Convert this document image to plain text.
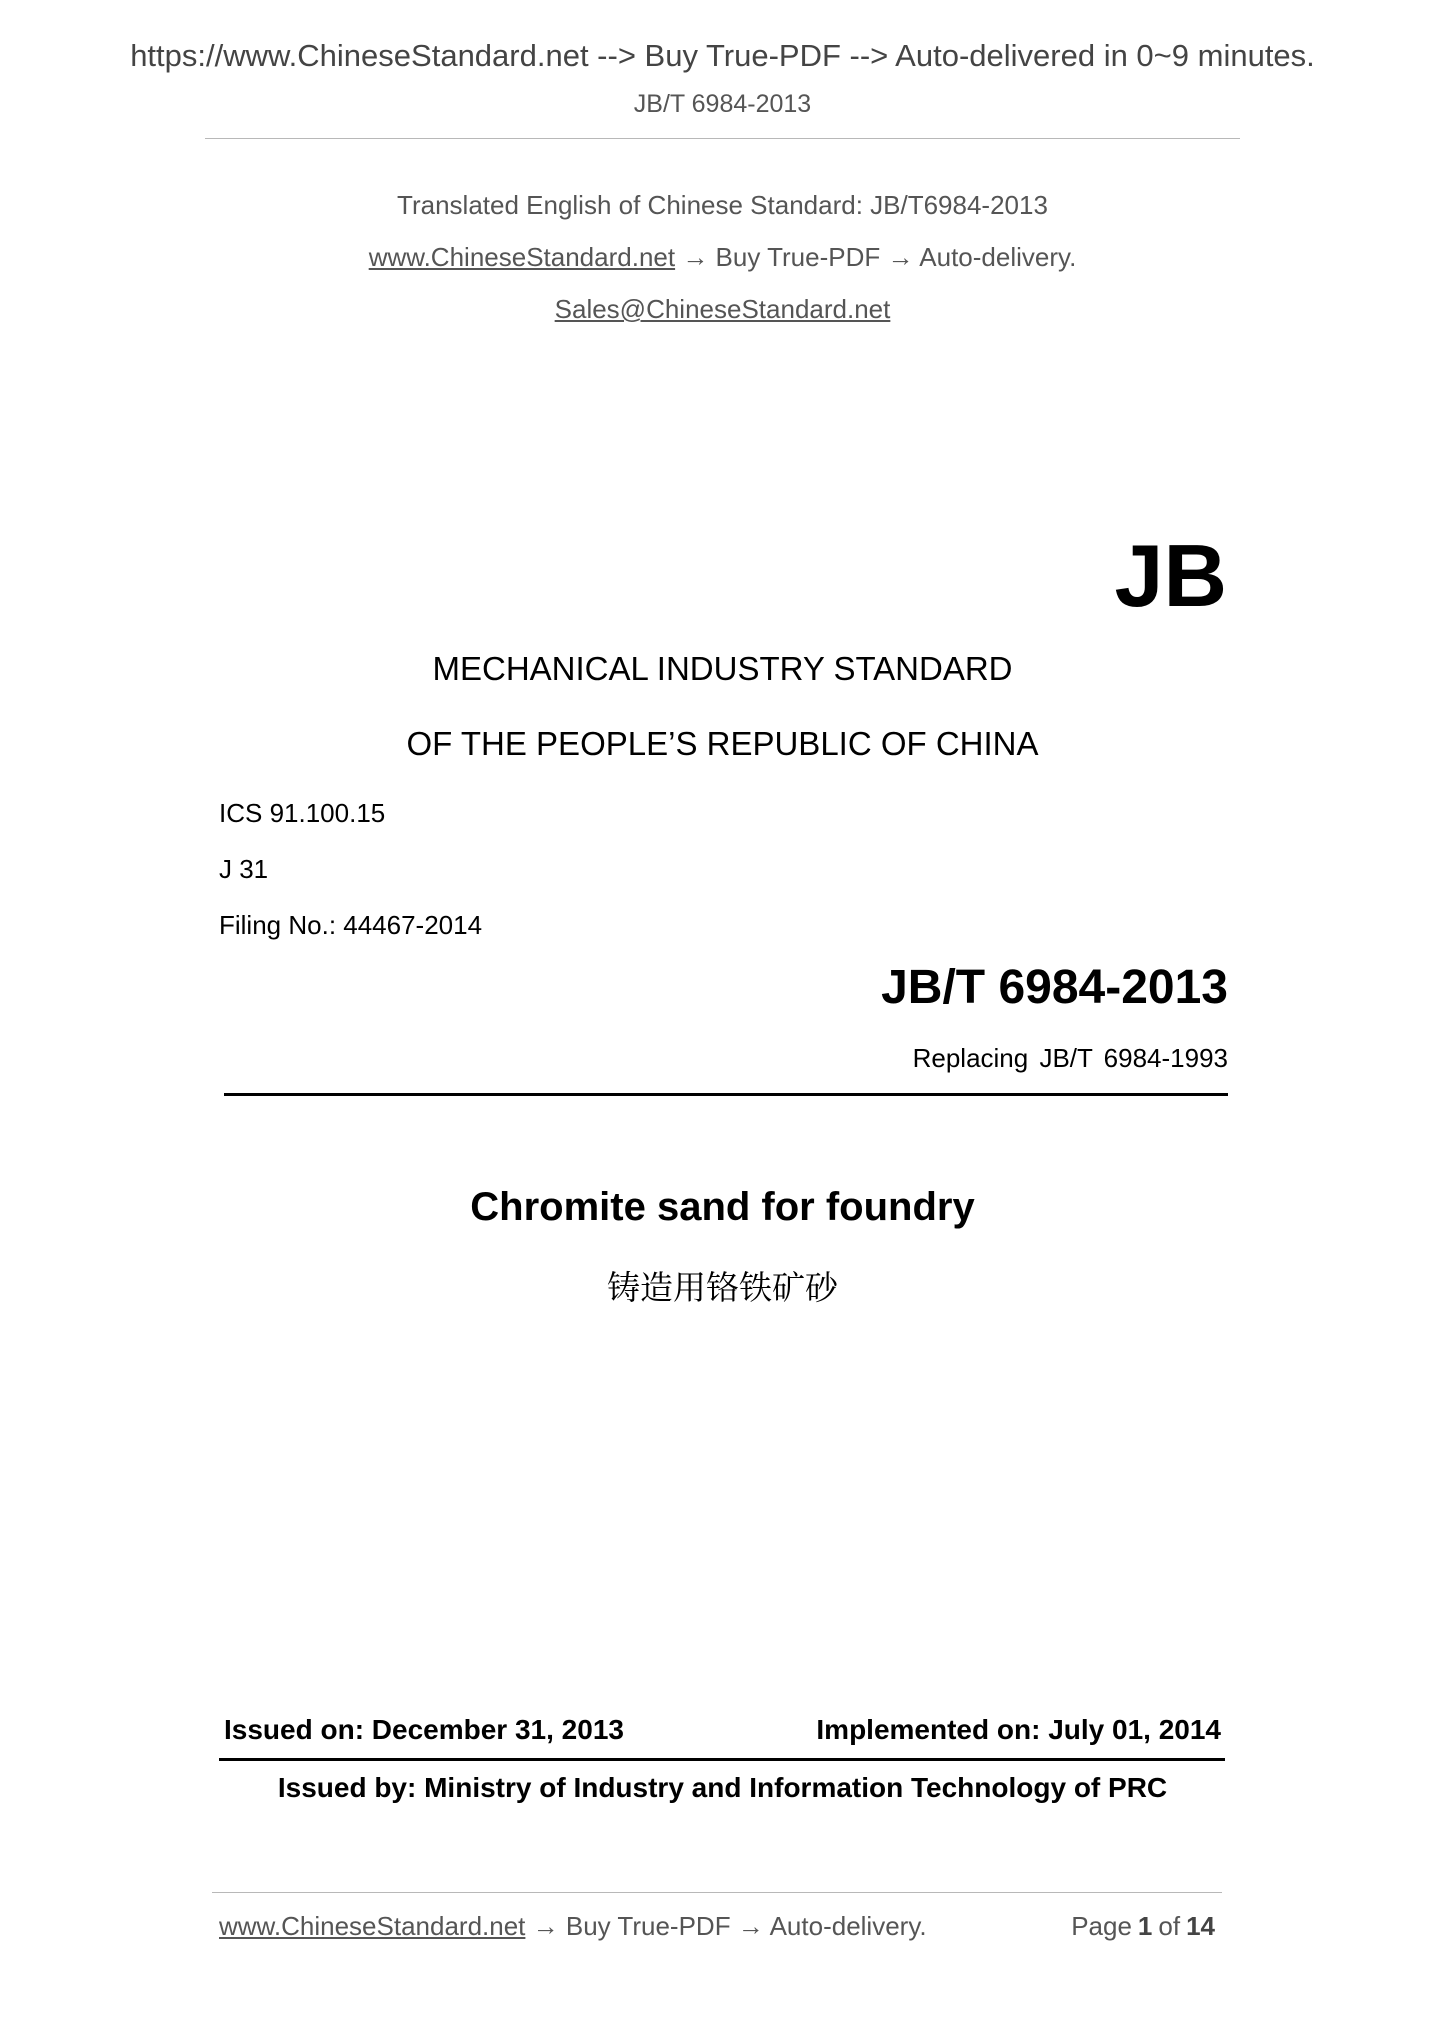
https://www.ChineseStandard.net --> Buy True-PDF --> Auto-delivered in 0~9 minutes.
JB/T 6984-2013
Translated English of Chinese Standard: JB/T6984-2013
www.ChineseStandard.net → Buy True-PDF → Auto-delivery.
Sales@ChineseStandard.net
JB
MECHANICAL INDUSTRY STANDARD
OF THE PEOPLE’S REPUBLIC OF CHINA
ICS 91.100.15
J 31
Filing No.: 44467-2014
JB/T 6984-2013
Replacing JB/T 6984-1993
Chromite sand for foundry
铸造用铬铁矿砂
Issued on: December 31, 2013	Implemented on: July 01, 2014
Issued by: Ministry of Industry and Information Technology of PRC
www.ChineseStandard.net → Buy True-PDF → Auto-delivery.	Page 1 of 14
